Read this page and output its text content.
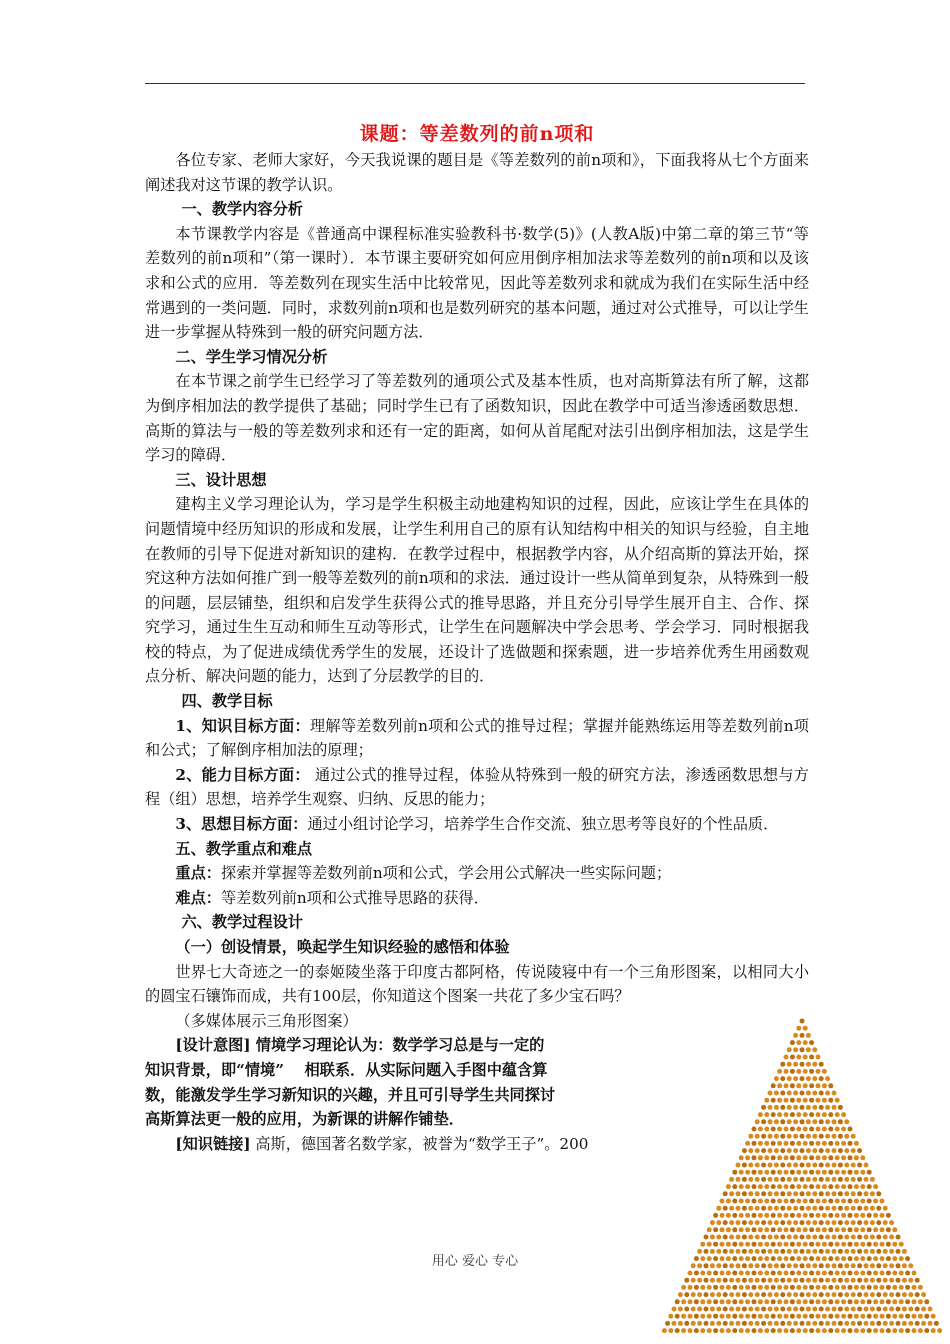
课题：等差数列的前n项和

各位专家、老师大家好，今天我说课的题目是《等差数列的前n项和》，下面我将从七个方面来阐述我对这节课的教学认识。

一、教学内容分析

本节课教学内容是《普通高中课程标准实验教科书·数学(5)》(人教A版)中第二章的第三节“等差数列的前n项和”（第一课时）．本节课主要研究如何应用倒序相加法求等差数列的前n项和以及该求和公式的应用．等差数列在现实生活中比较常见，因此等差数列求和就成为我们在实际生活中经常遇到的一类问题．同时，求数列前n项和也是数列研究的基本问题，通过对公式推导，可以让学生进一步掌握从特殊到一般的研究问题方法．

二、学生学习情况分析

在本节课之前学生已经学习了等差数列的通项公式及基本性质，也对高斯算法有所了解，这都为倒序相加法的教学提供了基础；同时学生已有了函数知识，因此在教学中可适当渗透函数思想．高斯的算法与一般的等差数列求和还有一定的距离，如何从首尾配对法引出倒序相加法，这是学生学习的障碍．

三、设计思想

建构主义学习理论认为，学习是学生积极主动地建构知识的过程，因此，应该让学生在具体的问题情境中经历知识的形成和发展，让学生利用自己的原有认知结构中相关的知识与经验，自主地在教师的引导下促进对新知识的建构．在教学过程中，根据教学内容，从介绍高斯的算法开始，探究这种方法如何推广到一般等差数列的前n项和的求法．通过设计一些从简单到复杂，从特殊到一般的问题，层层铺垫，组织和启发学生获得公式的推导思路，并且充分引导学生展开自主、合作、探究学习，通过生生互动和师生互动等形式，让学生在问题解决中学会思考、学会学习．同时根据我校的特点，为了促进成绩优秀学生的发展，还设计了选做题和探索题，进一步培养优秀生用函数观点分析、解决问题的能力，达到了分层教学的目的．

四、教学目标

1、知识目标方面：理解等差数列前n项和公式的推导过程；掌握并能熟练运用等差数列前n项和公式；了解倒序相加法的原理；

2、能力目标方面： 通过公式的推导过程，体验从特殊到一般的研究方法，渗透函数思想与方程（组）思想，培养学生观察、归纳、反思的能力；

3、思想目标方面：通过小组讨论学习，培养学生合作交流、独立思考等良好的个性品质．

五、教学重点和难点

重点：探索并掌握等差数列前n项和公式，学会用公式解决一些实际问题；

难点：等差数列前n项和公式推导思路的获得．

六、教学过程设计
（一）创设情景，唤起学生知识经验的感悟和体验

世界七大奇迹之一的泰姬陵坐落于印度古都阿格，传说陵寝中有一个三角形图案，以相同大小的圆宝石镶饰而成，共有100层，你知道这个图案一共花了多少宝石吗？

（多媒体展示三角形图案）

[设计意图] 情境学习理论认为：数学学习总是与一定的知识背景，即“情境”　 相联系．从实际问题入手图中蕴含算数，能激发学生学习新知识的兴趣，并且可引导学生共同探讨高斯算法更一般的应用，为新课的讲解作铺垫．
[知识链接] 高斯，德国著名数学家，被誉为“数学王子”。200
用心 爱心 专心
